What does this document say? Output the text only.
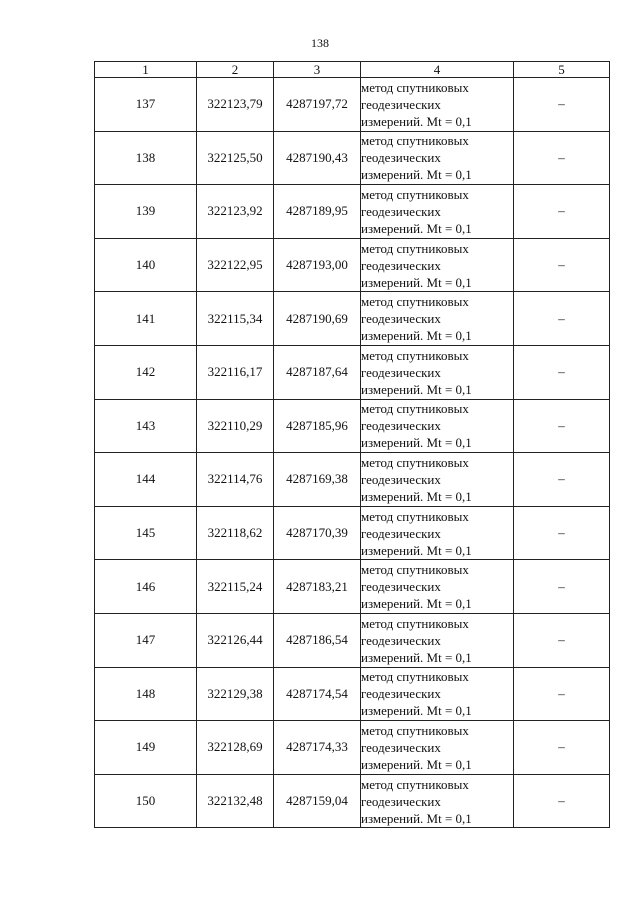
138
1	2	3	4	5
137	322123,79	4287197,72	метод спутниковых
геодезических
измерений. Mt = 0,1	–
138	322125,50	4287190,43	метод спутниковых
геодезических
измерений. Mt = 0,1	–
139	322123,92	4287189,95	метод спутниковых
геодезических
измерений. Mt = 0,1	–
140	322122,95	4287193,00	метод спутниковых
геодезических
измерений. Mt = 0,1	–
141	322115,34	4287190,69	метод спутниковых
геодезических
измерений. Mt = 0,1	–
142	322116,17	4287187,64	метод спутниковых
геодезических
измерений. Mt = 0,1	–
143	322110,29	4287185,96	метод спутниковых
геодезических
измерений. Mt = 0,1	–
144	322114,76	4287169,38	метод спутниковых
геодезических
измерений. Mt = 0,1	–
145	322118,62	4287170,39	метод спутниковых
геодезических
измерений. Mt = 0,1	–
146	322115,24	4287183,21	метод спутниковых
геодезических
измерений. Mt = 0,1	–
147	322126,44	4287186,54	метод спутниковых
геодезических
измерений. Mt = 0,1	–
148	322129,38	4287174,54	метод спутниковых
геодезических
измерений. Mt = 0,1	–
149	322128,69	4287174,33	метод спутниковых
геодезических
измерений. Mt = 0,1	–
150	322132,48	4287159,04	метод спутниковых
геодезических
измерений. Mt = 0,1	–
